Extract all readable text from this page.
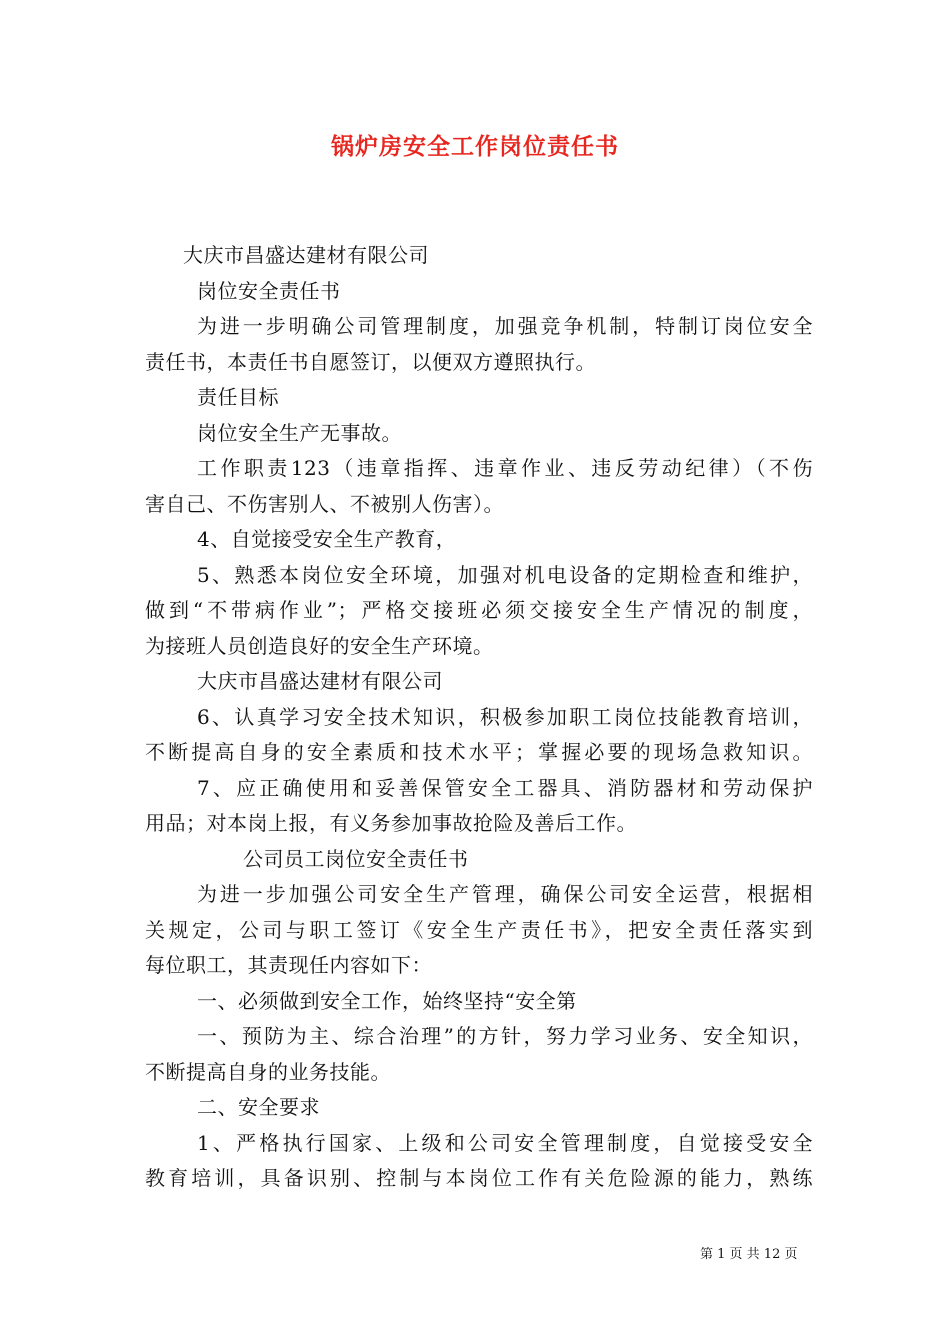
锅炉房安全工作岗位责任书

大庆市昌盛达建材有限公司

岗位安全责任书

为进一步明确公司管理制度，加强竞争机制，特制订岗位安全

责任书，本责任书自愿签订，以便双方遵照执行。

责任目标

岗位安全生产无事故。

工作职责123（违章指挥、违章作业、违反劳动纪律）（不伤

害自己、不伤害别人、不被别人伤害）。

4、自觉接受安全生产教育，

5、熟悉本岗位安全环境，加强对机电设备的定期检查和维护，

做到“不带病作业”；严格交接班必须交接安全生产情况的制度，

为接班人员创造良好的安全生产环境。

大庆市昌盛达建材有限公司

6、认真学习安全技术知识，积极参加职工岗位技能教育培训，

不断提高自身的安全素质和技术水平；掌握必要的现场急救知识。

7、应正确使用和妥善保管安全工器具、消防器材和劳动保护

用品；对本岗上报，有义务参加事故抢险及善后工作。

公司员工岗位安全责任书

为进一步加强公司安全生产管理，确保公司安全运营，根据相

关规定，公司与职工签订《安全生产责任书》，把安全责任落实到

每位职工，其责现任内容如下：

一、必须做到安全工作，始终坚持“安全第

一、预防为主、综合治理”的方针，努力学习业务、安全知识，

不断提高自身的业务技能。

二、安全要求

1、严格执行国家、上级和公司安全管理制度，自觉接受安全

教育培训，具备识别、控制与本岗位工作有关危险源的能力，熟练

第 1 页 共 12 页
